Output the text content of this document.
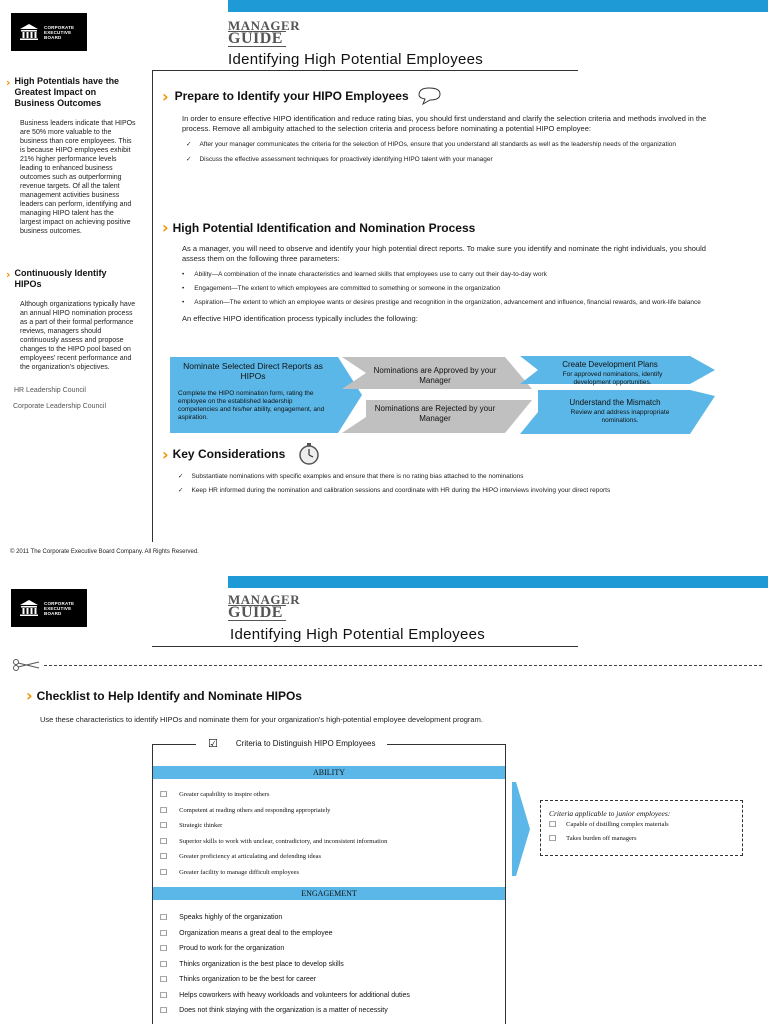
CORPORATE
EXECUTIVE
BOARD
MANAGER
GUIDE
Identifying High Potential Employees
› High Potentials have the Greatest Impact on Business Outcomes
Business leaders indicate that HIPOs are 50% more valuable to the business than core employees. This is because HIPO employees exhibit 21% higher performance levels leading to enhanced business outcomes such as outperforming revenue targets. Of all the talent management activities business leaders can perform, identifying and managing HIPO talent has the largest impact on achieving positive business outcomes.
› Continuously Identify HIPOs
Although organizations typically have an annual HIPO nomination process as a part of their formal performance reviews, managers should continuously assess and propose changes to the HIPO pool based on employees' recent performance and the organization's objectives.
HR Leadership Council
Corporate Leadership Council
› Prepare to Identify your HIPO Employees
In order to ensure effective HIPO identification and reduce rating bias, you should first understand and clarify the selection criteria and methods involved in the process. Remove all ambiguity attached to the selection criteria and process before nominating a potential HIPO employee:
✓ After your manager communicates the criteria for the selection of HIPOs, ensure that you understand all standards as well as the leadership needs of the organization
✓ Discuss the effective assessment techniques for proactively identifying HIPO talent with your manager
› High Potential Identification and Nomination Process
As a manager, you will need to observe and identify your high potential direct reports. To make sure you identify and nominate the right individuals, you should assess them on the following three parameters:
• Ability—A combination of the innate characteristics and learned skills that employees use to carry out their day-to-day work
• Engagement—The extent to which employees are committed to something or someone in the organization
• Aspiration—The extent to which an employee wants or desires prestige and recognition in the organization, advancement and influence, financial rewards, and work-life balance
An effective HIPO identification process typically includes the following:
Nominate Selected Direct Reports as HIPOs
Complete the HIPO nomination form, rating the employee on the established leadership competencies and his/her ability, engagement, and aspiration.
Nominations are Approved by your Manager
Nominations are Rejected by your Manager
Create Development Plans
For approved nominations, identify development opportunities.
Understand the Mismatch
Review and address inappropriate nominations.
› Key Considerations
✓ Substantiate nominations with specific examples and ensure that there is no rating bias attached to the nominations
✓ Keep HR informed during the nomination and calibration sessions and coordinate with HR during the HIPO interviews involving your direct reports
© 2011 The Corporate Executive Board Company. All Rights Reserved.
CORPORATE
EXECUTIVE
BOARD
MANAGER
GUIDE
Identifying High Potential Employees
› Checklist to Help Identify and Nominate HIPOs
Use these characteristics to identify HIPOs and nominate them for your organization's high-potential employee development program.
☑ Criteria to Distinguish HIPO Employees
ABILITY
☐ Greater capability to inspire others
☐ Competent at reading others and responding appropriately
☐ Strategic thinker
☐ Superior skills to work with unclear, contradictory, and inconsistent information
☐ Greater proficiency at articulating and defending ideas
☐ Greater facility to manage difficult employees
ENGAGEMENT
☐ Speaks highly of the organization
☐ Organization means a great deal to the employee
☐ Proud to work for the organization
☐ Thinks organization is the best place to develop skills
☐ Thinks organization to be the best for career
☐ Helps coworkers with heavy workloads and volunteers for additional duties
☐ Does not think staying with the organization is a matter of necessity
Criteria applicable to junior employees:
☐ Capable of distilling complex materials
☐ Takes burden off managers
